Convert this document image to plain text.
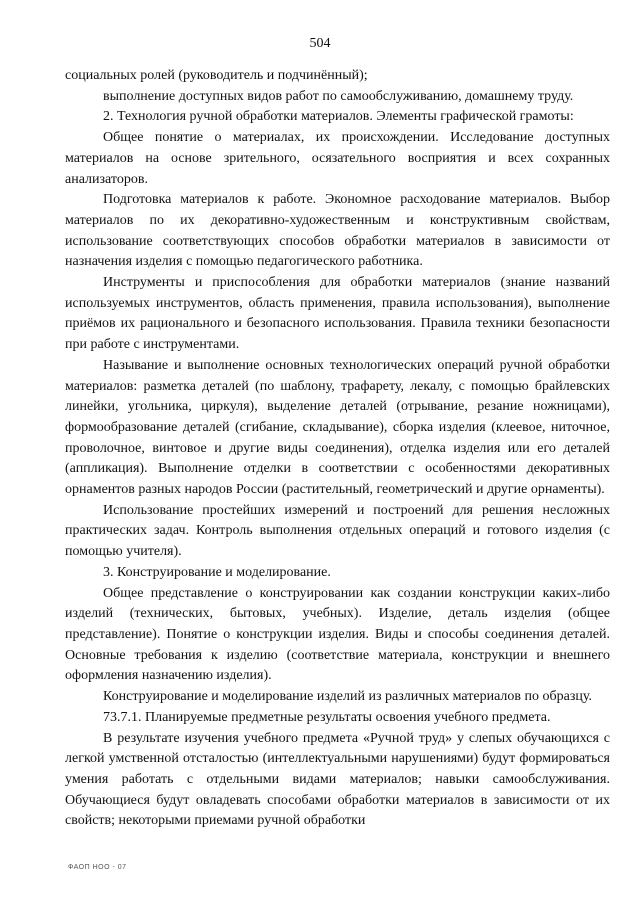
504

социальных ролей (руководитель и подчинённый);

выполнение доступных видов работ по самообслуживанию, домашнему труду.

2. Технология ручной обработки материалов. Элементы графической грамоты:

Общее понятие о материалах, их происхождении. Исследование доступных материалов на основе зрительного, осязательного восприятия и всех сохранных анализаторов.

Подготовка материалов к работе. Экономное расходование материалов. Выбор материалов по их декоративно-художественным и конструктивным свойствам, использование соответствующих способов обработки материалов в зависимости от назначения изделия с помощью педагогического работника.

Инструменты и приспособления для обработки материалов (знание названий используемых инструментов, область применения, правила использования), выполнение приёмов их рационального и безопасного использования. Правила техники безопасности при работе с инструментами.

Называние и выполнение основных технологических операций ручной обработки материалов: разметка деталей (по шаблону, трафарету, лекалу, с помощью брайлевских линейки, угольника, циркуля), выделение деталей (отрывание, резание ножницами), формообразование деталей (сгибание, складывание), сборка изделия (клеевое, ниточное, проволочное, винтовое и другие виды соединения), отделка изделия или его деталей (аппликация). Выполнение отделки в соответствии с особенностями декоративных орнаментов разных народов России (растительный, геометрический и другие орнаменты).

Использование простейших измерений и построений для решения несложных практических задач. Контроль выполнения отдельных операций и готового изделия (с помощью учителя).

3. Конструирование и моделирование.

Общее представление о конструировании как создании конструкции каких-либо изделий (технических, бытовых, учебных). Изделие, деталь изделия (общее представление). Понятие о конструкции изделия. Виды и способы соединения деталей. Основные требования к изделию (соответствие материала, конструкции и внешнего оформления назначению изделия).

Конструирование и моделирование изделий из различных материалов по образцу.

73.7.1. Планируемые предметные результаты освоения учебного предмета.

В результате изучения учебного предмета «Ручной труд» у слепых обучающихся с легкой умственной отсталостью (интеллектуальными нарушениями) будут формироваться умения работать с отдельными видами материалов; навыки самообслуживания. Обучающиеся будут овладевать способами обработки материалов в зависимости от их свойств; некоторыми приемами ручной обработки

ФАОП НОО - 07
